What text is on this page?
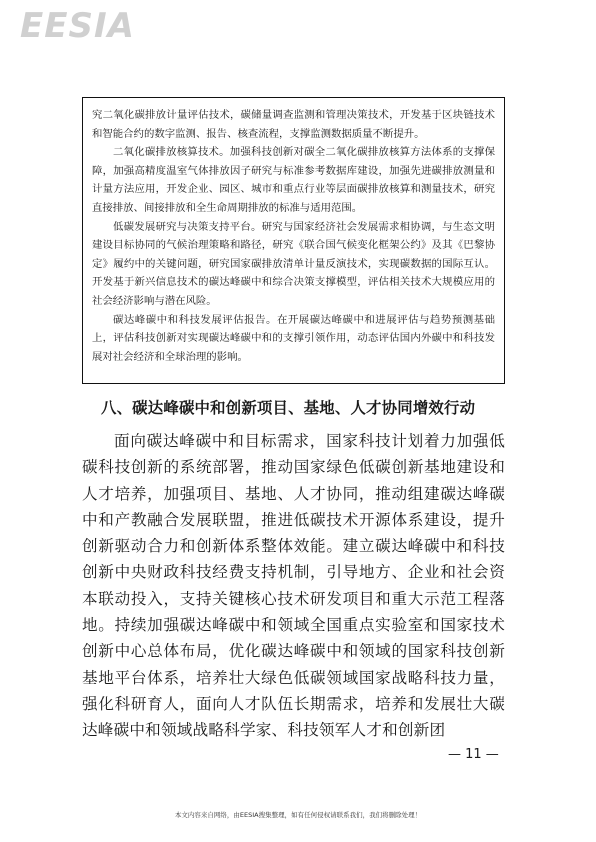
EESIA

究二氧化碳排放计量评估技术，碳储量调查监测和管理决策技术，开发基于区块链技术和智能合约的数字监测、报告、核查流程，支撑监测数据质量不断提升。

二氧化碳排放核算技术。加强科技创新对碳全二氧化碳排放核算方法体系的支撑保障，加强高精度温室气体排放因子研究与标准参考数据库建设，加强先进碳排放测量和计量方法应用，开发企业、园区、城市和重点行业等层面碳排放核算和测量技术，研究直接排放、间接排放和全生命周期排放的标准与适用范围。

低碳发展研究与决策支持平台。研究与国家经济社会发展需求相协调，与生态文明建设目标协同的气候治理策略和路径，研究《联合国气候变化框架公约》及其《巴黎协定》履约中的关键问题，研究国家碳排放清单计量反演技术，实现碳数据的国际互认。开发基于新兴信息技术的碳达峰碳中和综合决策支撑模型，评估相关技术大规模应用的社会经济影响与潜在风险。

碳达峰碳中和科技发展评估报告。在开展碳达峰碳中和进展评估与趋势预测基础上，评估科技创新对实现碳达峰碳中和的支撑引领作用，动态评估国内外碳中和科技发展对社会经济和全球治理的影响。

八、碳达峰碳中和创新项目、基地、人才协同增效行动

面向碳达峰碳中和目标需求，国家科技计划着力加强低碳科技创新的系统部署，推动国家绿色低碳创新基地建设和人才培养，加强项目、基地、人才协同，推动组建碳达峰碳中和产教融合发展联盟，推进低碳技术开源体系建设，提升创新驱动合力和创新体系整体效能。建立碳达峰碳中和科技创新中央财政科技经费支持机制，引导地方、企业和社会资本联动投入，支持关键核心技术研发项目和重大示范工程落地。持续加强碳达峰碳中和领域全国重点实验室和国家技术创新中心总体布局，优化碳达峰碳中和领域的国家科技创新基地平台体系，培养壮大绿色低碳领域国家战略科技力量，强化科研育人，面向人才队伍长期需求，培养和发展壮大碳达峰碳中和领域战略科学家、科技领军人才和创新团

— 11 —
本文内容来自网络，由EESIA搜集整理，如有任何侵权请联系我们，我们将删除处理！
